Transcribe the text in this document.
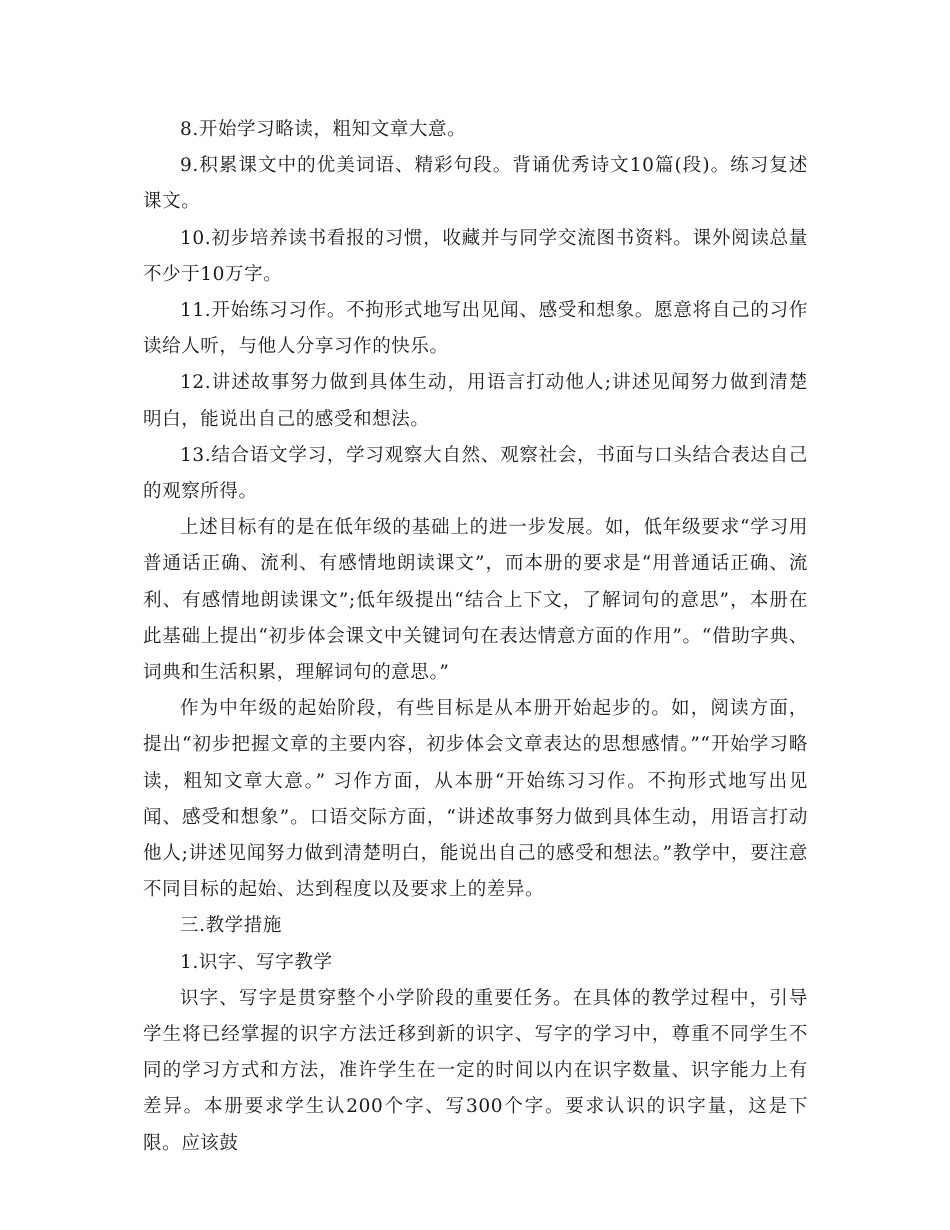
8.开始学习略读，粗知文章大意。

9.积累课文中的优美词语、精彩句段。背诵优秀诗文10篇(段)。练习复述课文。

10.初步培养读书看报的习惯，收藏并与同学交流图书资料。课外阅读总量不少于10万字。

11.开始练习习作。不拘形式地写出见闻、感受和想象。愿意将自己的习作读给人听，与他人分享习作的快乐。

12.讲述故事努力做到具体生动，用语言打动他人;讲述见闻努力做到清楚明白，能说出自己的感受和想法。

13.结合语文学习，学习观察大自然、观察社会，书面与口头结合表达自己的观察所得。

上述目标有的是在低年级的基础上的进一步发展。如，低年级要求“学习用普通话正确、流利、有感情地朗读课文”，而本册的要求是“用普通话正确、流利、有感情地朗读课文”;低年级提出“结合上下文，了解词句的意思”，本册在此基础上提出“初步体会课文中关键词句在表达情意方面的作用”。“借助字典、词典和生活积累，理解词句的意思。”

作为中年级的起始阶段，有些目标是从本册开始起步的。如，阅读方面，提出“初步把握文章的主要内容，初步体会文章表达的思想感情。”“开始学习略读，粗知文章大意。” 习作方面，从本册“开始练习习作。不拘形式地写出见闻、感受和想象”。口语交际方面，“讲述故事努力做到具体生动，用语言打动他人;讲述见闻努力做到清楚明白，能说出自己的感受和想法。”教学中，要注意不同目标的起始、达到程度以及要求上的差异。

三.教学措施

1.识字、写字教学

识字、写字是贯穿整个小学阶段的重要任务。在具体的教学过程中，引导学生将已经掌握的识字方法迁移到新的识字、写字的学习中，尊重不同学生不同的学习方式和方法，准许学生在一定的时间以内在识字数量、识字能力上有差异。本册要求学生认200个字、写300个字。要求认识的识字量，这是下限。应该鼓
